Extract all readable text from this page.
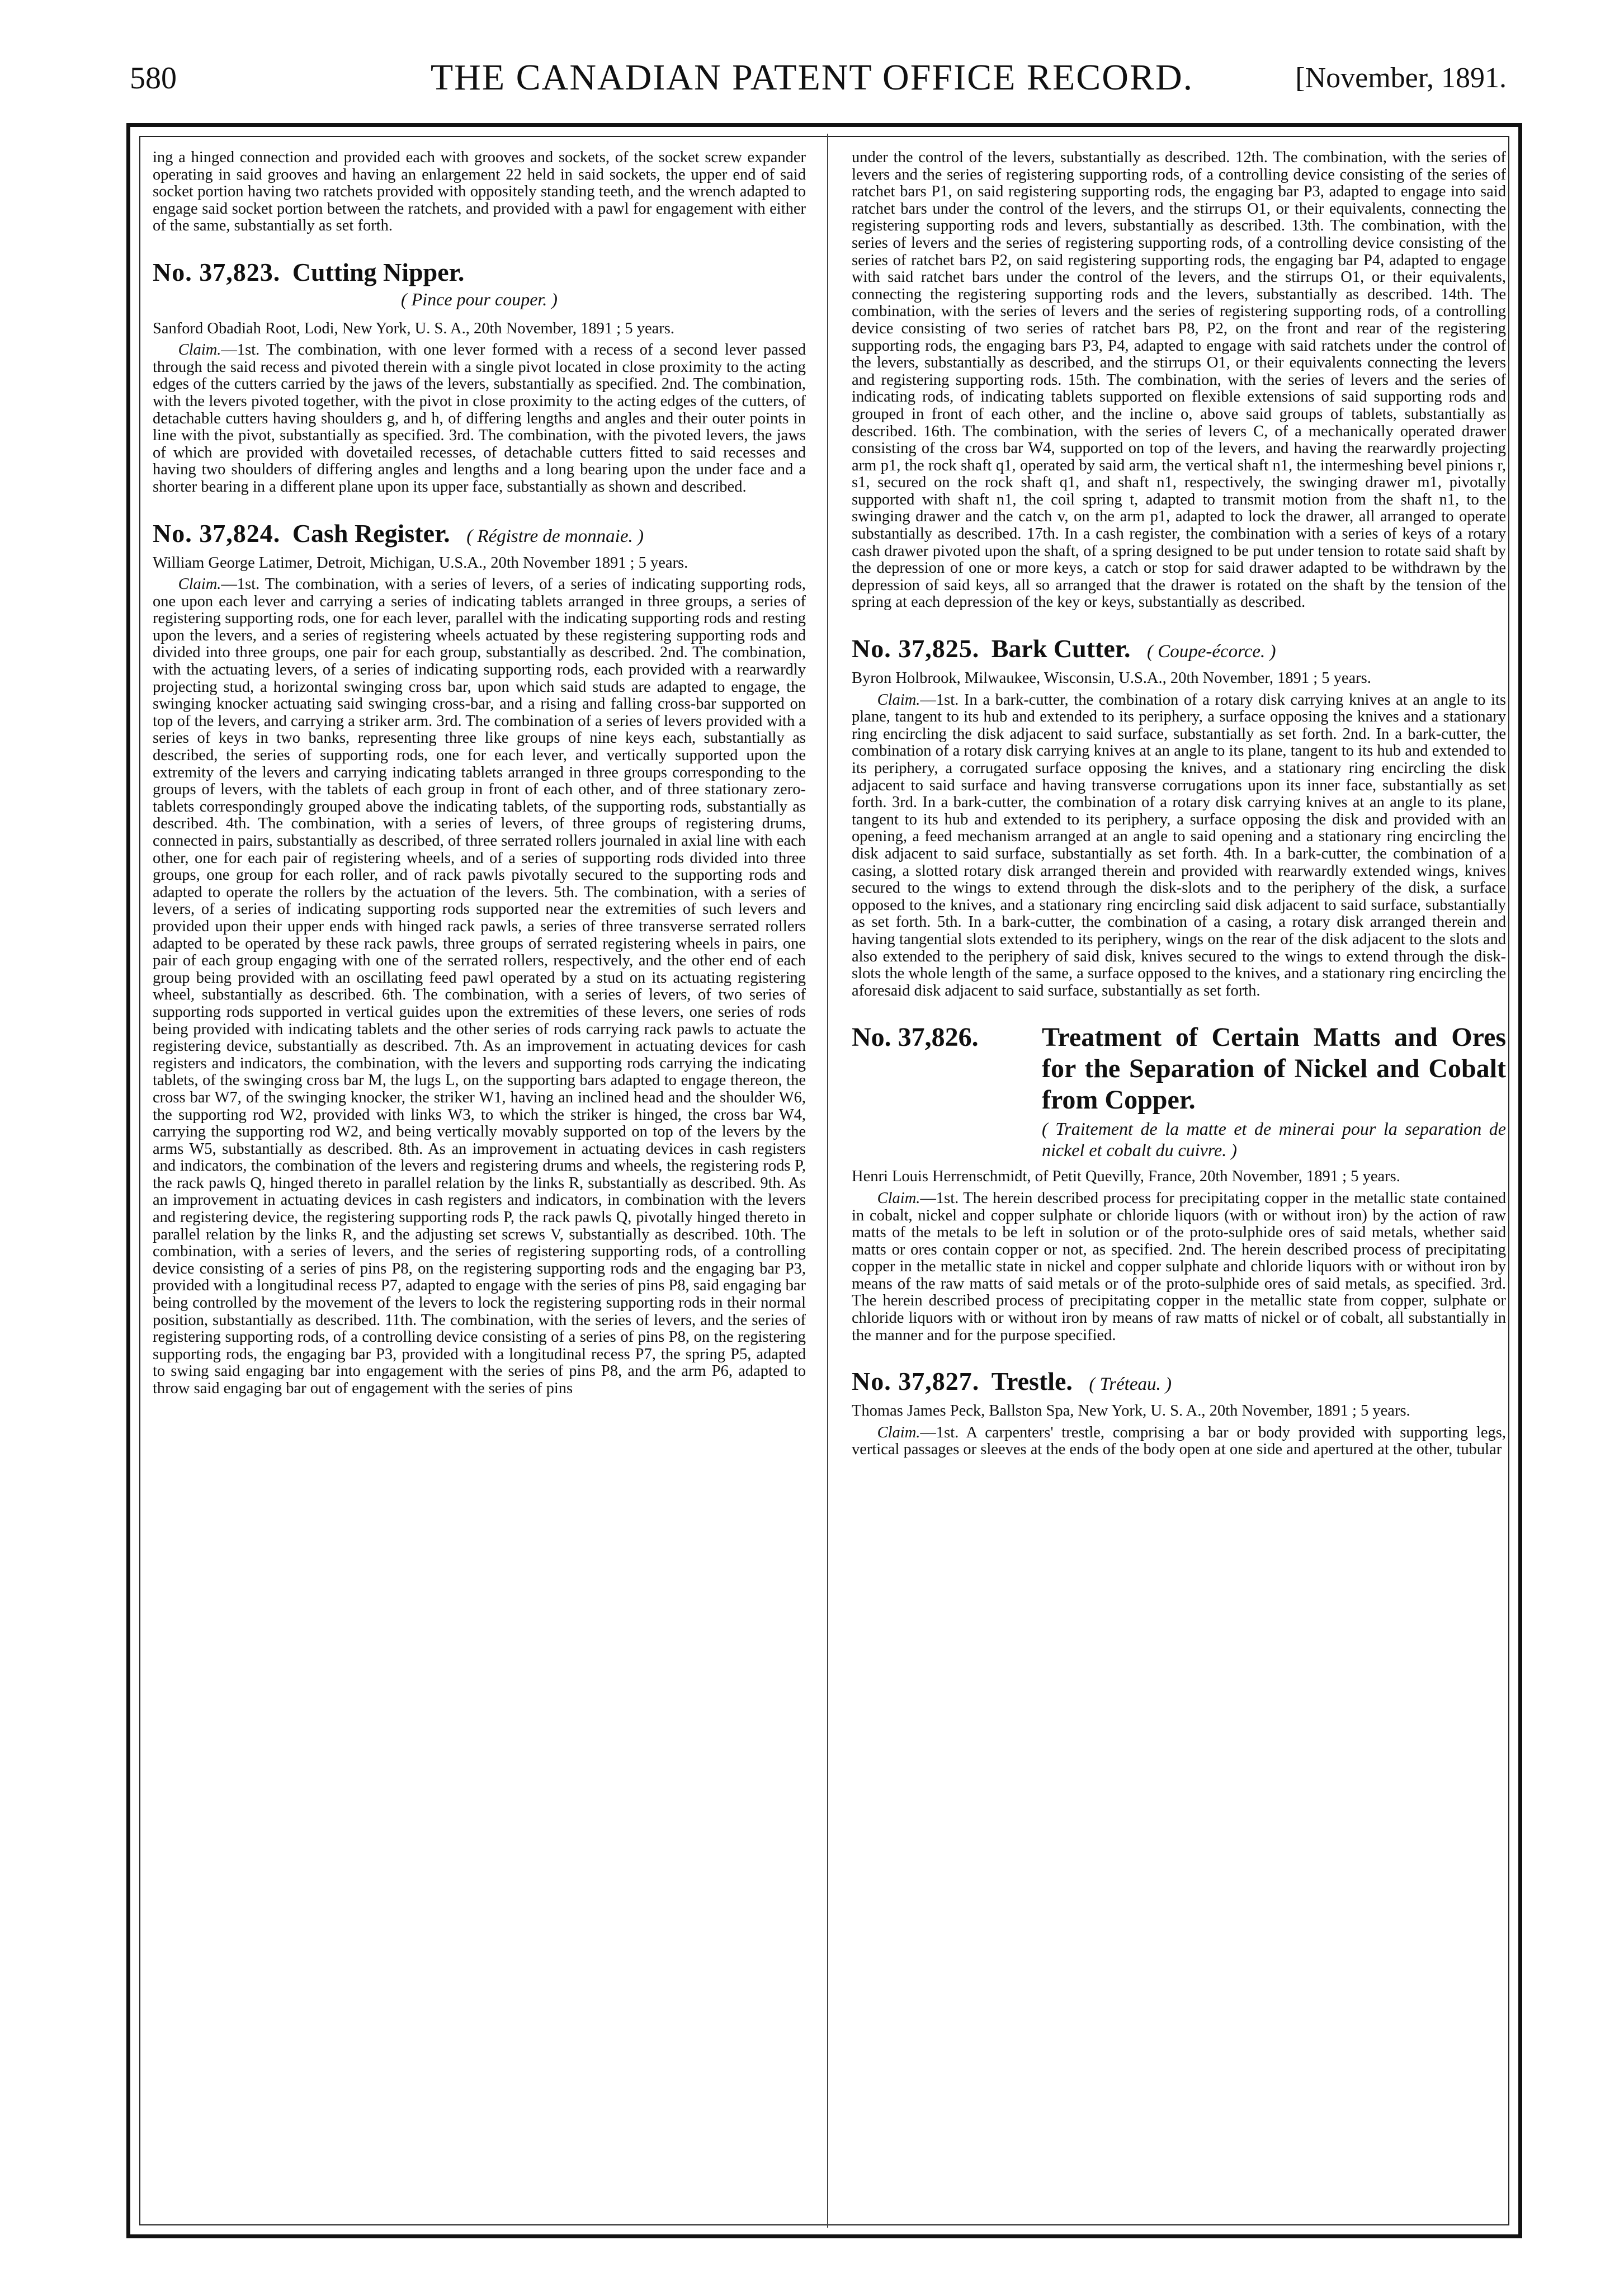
580	THE CANADIAN PATENT OFFICE RECORD.	[November, 1891.

ing a hinged connection and provided each with grooves and sockets, of the socket screw expander operating in said grooves and having an enlargement 22 held in said sockets, the upper end of said socket portion having two ratchets provided with oppositely standing teeth, and the wrench adapted to engage said socket portion between the ratchets, and provided with a pawl for engagement with either of the same, substantially as set forth.

No. 37,823. Cutting Nipper.
( Pince pour couper. )

Sanford Obadiah Root, Lodi, New York, U. S. A., 20th November, 1891 ; 5 years.

Claim.—1st. The combination, with one lever formed with a recess of a second lever passed through the said recess and pivoted therein with a single pivot located in close proximity to the acting edges of the cutters carried by the jaws of the levers, substantially as specified. 2nd. The combination, with the levers pivoted together, with the pivot in close proximity to the acting edges of the cutters, of detachable cutters having shoulders g, and h, of differing lengths and angles and their outer points in line with the pivot, substantially as specified. 3rd. The combination, with the pivoted levers, the jaws of which are provided with dovetailed recesses, of detachable cutters fitted to said recesses and having two shoulders of differing angles and lengths and a long bearing upon the under face and a shorter bearing in a different plane upon its upper face, substantially as shown and described.

No. 37,824. Cash Register. ( Régistre de monnaie. )

William George Latimer, Detroit, Michigan, U.S.A., 20th November 1891 ; 5 years.

Claim.—1st. The combination, with a series of levers, of a series of indicating supporting rods, one upon each lever and carrying a series of indicating tablets arranged in three groups, a series of registering supporting rods, one for each lever, parallel with the indicating supporting rods and resting upon the levers, and a series of registering wheels actuated by these registering supporting rods and divided into three groups, one pair for each group, substantially as described. 2nd. The combination, with the actuating levers, of a series of indicating supporting rods, each provided with a rearwardly projecting stud, a horizontal swinging cross bar, upon which said studs are adapted to engage, the swinging knocker actuating said swinging cross-bar, and a rising and falling cross-bar supported on top of the levers, and carrying a striker arm. 3rd. The combination of a series of levers provided with a series of keys in two banks, representing three like groups of nine keys each, substantially as described, the series of supporting rods, one for each lever, and vertically supported upon the extremity of the levers and carrying indicating tablets arranged in three groups corresponding to the groups of levers, with the tablets of each group in front of each other, and of three stationary zero-tablets correspondingly grouped above the indicating tablets, of the supporting rods, substantially as described. 4th. The combination, with a series of levers, of three groups of registering drums, connected in pairs, substantially as described, of three serrated rollers journaled in axial line with each other, one for each pair of registering wheels, and of a series of supporting rods divided into three groups, one group for each roller, and of rack pawls pivotally secured to the supporting rods and adapted to operate the rollers by the actuation of the levers. 5th. The combination, with a series of levers, of a series of indicating supporting rods supported near the extremities of such levers and provided upon their upper ends with hinged rack pawls, a series of three transverse serrated rollers adapted to be operated by these rack pawls, three groups of serrated registering wheels in pairs, one pair of each group engaging with one of the serrated rollers, respectively, and the other end of each group being provided with an oscillating feed pawl operated by a stud on its actuating registering wheel, substantially as described. 6th. The combination, with a series of levers, of two series of supporting rods supported in vertical guides upon the extremities of these levers, one series of rods being provided with indicating tablets and the other series of rods carrying rack pawls to actuate the registering device, substantially as described. 7th. As an improvement in actuating devices for cash registers and indicators, the combination, with the levers and supporting rods carrying the indicating tablets, of the swinging cross bar M, the lugs L, on the supporting bars adapted to engage thereon, the cross bar W7, of the swinging knocker, the striker W1, having an inclined head and the shoulder W6, the supporting rod W2, provided with links W3, to which the striker is hinged, the cross bar W4, carrying the supporting rod W2, and being vertically movably supported on top of the levers by the arms W5, substantially as described. 8th. As an improvement in actuating devices in cash registers and indicators, the combination of the levers and registering drums and wheels, the registering rods P, the rack pawls Q, hinged thereto in parallel relation by the links R, substantially as described. 9th. As an improvement in actuating devices in cash registers and indicators, in combination with the levers and registering device, the registering supporting rods P, the rack pawls Q, pivotally hinged thereto in parallel relation by the links R, and the adjusting set screws V, substantially as described. 10th. The combination, with a series of levers, and the series of registering supporting rods, of a controlling device consisting of a series of pins P8, on the registering supporting rods and the engaging bar P3, provided with a longitudinal recess P7, adapted to engage with the series of pins P8, said engaging bar being controlled by the movement of the levers to lock the registering supporting rods in their normal position, substantially as described. 11th. The combination, with the series of levers, and the series of registering supporting rods, of a controlling device consisting of a series of pins P8, on the registering supporting rods, the engaging bar P3, provided with a longitudinal recess P7, the spring P5, adapted to swing said engaging bar into engagement with the series of pins P8, and the arm P6, adapted to throw said engaging bar out of engagement with the series of pins

under the control of the levers, substantially as described. 12th. The combination, with the series of levers and the series of registering supporting rods, of a controlling device consisting of the series of ratchet bars P1, on said registering supporting rods, the engaging bar P3, adapted to engage into said ratchet bars under the control of the levers, and the stirrups O1, or their equivalents, connecting the registering supporting rods and levers, substantially as described. 13th. The combination, with the series of levers and the series of registering supporting rods, of a controlling device consisting of the series of ratchet bars P2, on said registering supporting rods, the engaging bar P4, adapted to engage with said ratchet bars under the control of the levers, and the stirrups O1, or their equivalents, connecting the registering supporting rods and the levers, substantially as described. 14th. The combination, with the series of levers and the series of registering supporting rods, of a controlling device consisting of two series of ratchet bars P8, P2, on the front and rear of the registering supporting rods, the engaging bars P3, P4, adapted to engage with said ratchets under the control of the levers, substantially as described, and the stirrups O1, or their equivalents connecting the levers and registering supporting rods. 15th. The combination, with the series of levers and the series of indicating rods, of indicating tablets supported on flexible extensions of said supporting rods and grouped in front of each other, and the incline o, above said groups of tablets, substantially as described. 16th. The combination, with the series of levers C, of a mechanically operated drawer consisting of the cross bar W4, supported on top of the levers, and having the rearwardly projecting arm p1, the rock shaft q1, operated by said arm, the vertical shaft n1, the intermeshing bevel pinions r, s1, secured on the rock shaft q1, and shaft n1, respectively, the swinging drawer m1, pivotally supported with shaft n1, the coil spring t, adapted to transmit motion from the shaft n1, to the swinging drawer and the catch v, on the arm p1, adapted to lock the drawer, all arranged to operate substantially as described. 17th. In a cash register, the combination with a series of keys of a rotary cash drawer pivoted upon the shaft, of a spring designed to be put under tension to rotate said shaft by the depression of one or more keys, a catch or stop for said drawer adapted to be withdrawn by the depression of said keys, all so arranged that the drawer is rotated on the shaft by the tension of the spring at each depression of the key or keys, substantially as described.

No. 37,825. Bark Cutter. ( Coupe-écorce. )

Byron Holbrook, Milwaukee, Wisconsin, U.S.A., 20th November, 1891 ; 5 years.

Claim.—1st. In a bark-cutter, the combination of a rotary disk carrying knives at an angle to its plane, tangent to its hub and extended to its periphery, a surface opposing the knives and a stationary ring encircling the disk adjacent to said surface, substantially as set forth. 2nd. In a bark-cutter, the combination of a rotary disk carrying knives at an angle to its plane, tangent to its hub and extended to its periphery, a corrugated surface opposing the knives, and a stationary ring encircling the disk adjacent to said surface and having transverse corrugations upon its inner face, substantially as set forth. 3rd. In a bark-cutter, the combination of a rotary disk carrying knives at an angle to its plane, tangent to its hub and extended to its periphery, a surface opposing the disk and provided with an opening, a feed mechanism arranged at an angle to said opening and a stationary ring encircling the disk adjacent to said surface, substantially as set forth. 4th. In a bark-cutter, the combination of a casing, a slotted rotary disk arranged therein and provided with rearwardly extended wings, knives secured to the wings to extend through the disk-slots and to the periphery of the disk, a surface opposed to the knives, and a stationary ring encircling said disk adjacent to said surface, substantially as set forth. 5th. In a bark-cutter, the combination of a casing, a rotary disk arranged therein and having tangential slots extended to its periphery, wings on the rear of the disk adjacent to the slots and also extended to the periphery of said disk, knives secured to the wings to extend through the disk-slots the whole length of the same, a surface opposed to the knives, and a stationary ring encircling the aforesaid disk adjacent to said surface, substantially as set forth.

No. 37,826.	Treatment of Certain Matts and Ores for the Separation of Nickel and Cobalt from Copper.
( Traitement de la matte et de minerai pour la separation de nickel et cobalt du cuivre. )

Henri Louis Herrenschmidt, of Petit Quevilly, France, 20th November, 1891 ; 5 years.

Claim.—1st. The herein described process for precipitating copper in the metallic state contained in cobalt, nickel and copper sulphate or chloride liquors (with or without iron) by the action of raw matts of the metals to be left in solution or of the proto-sulphide ores of said metals, whether said matts or ores contain copper or not, as specified. 2nd. The herein described process of precipitating copper in the metallic state in nickel and copper sulphate and chloride liquors with or without iron by means of the raw matts of said metals or of the proto-sulphide ores of said metals, as specified. 3rd. The herein described process of precipitating copper in the metallic state from copper, sulphate or chloride liquors with or without iron by means of raw matts of nickel or of cobalt, all substantially in the manner and for the purpose specified.

No. 37,827. Trestle. ( Tréteau. )

Thomas James Peck, Ballston Spa, New York, U. S. A., 20th November, 1891 ; 5 years.

Claim.—1st. A carpenters' trestle, comprising a bar or body provided with supporting legs, vertical passages or sleeves at the ends of the body open at one side and apertured at the other, tubular
